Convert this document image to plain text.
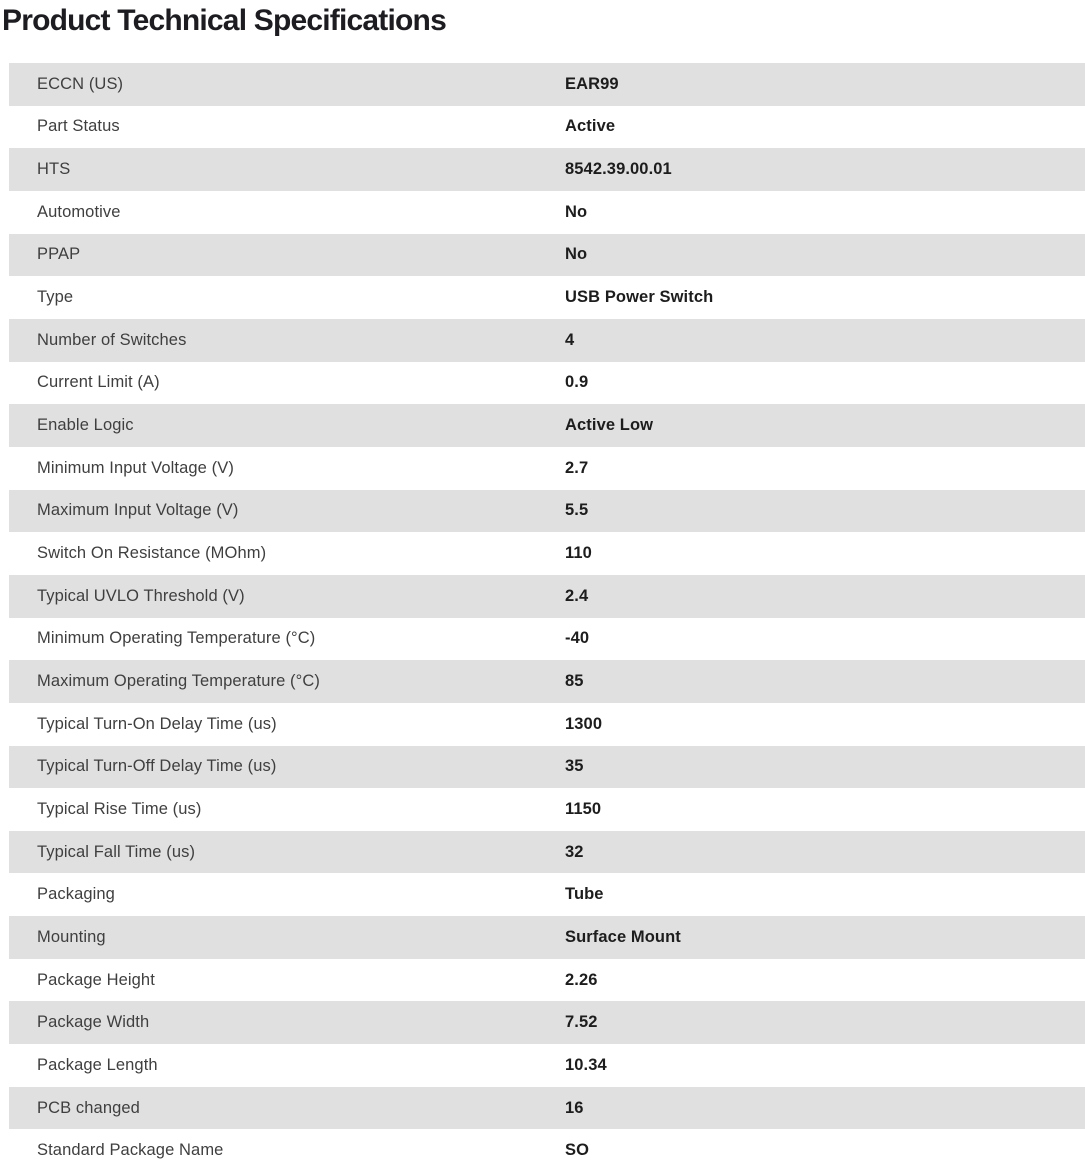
Product Technical Specifications
ECCN (US)	EAR99
Part Status	Active
HTS	8542.39.00.01
Automotive	No
PPAP	No
Type	USB Power Switch
Number of Switches	4
Current Limit (A)	0.9
Enable Logic	Active Low
Minimum Input Voltage (V)	2.7
Maximum Input Voltage (V)	5.5
Switch On Resistance (MOhm)	110
Typical UVLO Threshold (V)	2.4
Minimum Operating Temperature (°C)	-40
Maximum Operating Temperature (°C)	85
Typical Turn-On Delay Time (us)	1300
Typical Turn-Off Delay Time (us)	35
Typical Rise Time (us)	1150
Typical Fall Time (us)	32
Packaging	Tube
Mounting	Surface Mount
Package Height	2.26
Package Width	7.52
Package Length	10.34
PCB changed	16
Standard Package Name	SO
